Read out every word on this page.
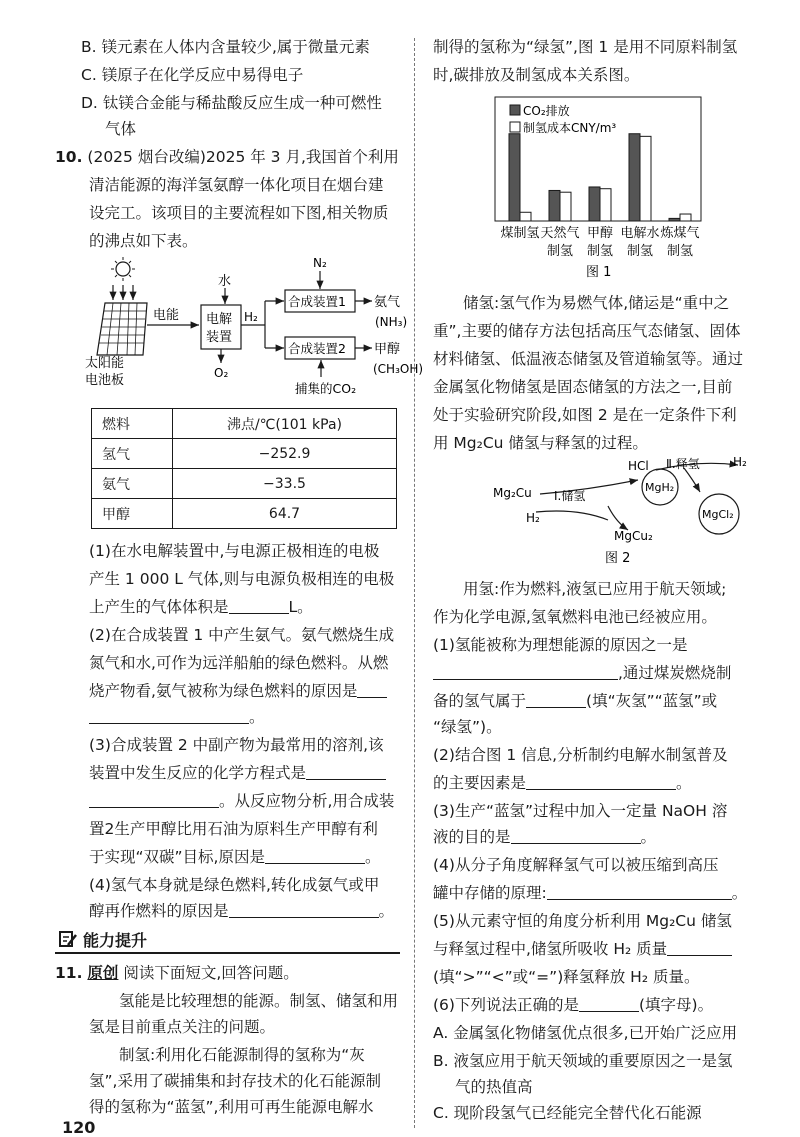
B. 镁元素在人体内含量较少,属于微量元素
C. 镁原子在化学反应中易得电子
D. 钛镁合金能与稀盐酸反应生成一种可燃性
气体
10. (2025 烟台改编)2025 年 3 月,我国首个利用
清洁能源的海洋氢氨醇一体化项目在烟台建
设完工。该项目的主要流程如下图,相关物质
的沸点如下表。
太阳能
电池板
电能
水
电解
装置
O₂
H₂
N₂
合成装置1 氨气
(NH₃)
合成装置2 甲醇
(CH₃OH)
捕集的CO₂
燃料	沸点/℃(101 kPa)
氢气	−252.9
氨气	−33.5
甲醇	64.7
(1)在水电解装置中,与电源正极相连的电极
产生 1 000 L 气体,则与电源负极相连的电极
上产生的气体体积是	L。
(2)在合成装置 1 中产生氨气。氨气燃烧生成
氮气和水,可作为远洋船舶的绿色燃料。从燃
烧产物看,氨气被称为绿色燃料的原因是
。
(3)合成装置 2 中副产物为最常用的溶剂,该
装置中发生反应的化学方程式是
。从反应物分析,用合成装
置2生产甲醇比用石油为原料生产甲醇有利
于实现“双碳”目标,原因是	。
(4)氢气本身就是绿色燃料,转化成氨气或甲
醇再作燃料的原因是	。
能力提升
11. 原创 阅读下面短文,回答问题。
氢能是比较理想的能源。制氢、储氢和用
氢是目前重点关注的问题。
制氢:利用化石能源制得的氢称为“灰
氢”,采用了碳捕集和封存技术的化石能源制
得的氢称为“蓝氢”,利用可再生能源电解水
120
制得的氢称为“绿氢”,图 1 是用不同原料制氢
时,碳排放及制氢成本关系图。
CO₂排放
制氢成本CNY/m³
煤制氢 天然气
制氢
甲醇
制氢
电解水
制氢
炼煤气
制氢
图 1
储氢:氢气作为易燃气体,储运是“重中之
重”,主要的储存方法包括高压气态储氢、固体
材料储氢、低温液态储氢及管道输氢等。通过
金属氢化物储氢是固态储氢的方法之一,目前
处于实验研究阶段,如图 2 是在一定条件下利
用 Mg₂Cu 储氢与释氢的过程。
Mg₂Cu Ⅰ.储氢
H₂
MgCu₂
MgH₂
HCl Ⅱ.释氢	H₂
MgCl₂
图 2
用氢:作为燃料,液氢已应用于航天领域;
作为化学电源,氢氧燃料电池已经被应用。
(1)氢能被称为理想能源的原因之一是
,通过煤炭燃烧制
备的氢气属于	(填“灰氢”“蓝氢”或
“绿氢”)。
(2)结合图 1 信息,分析制约电解水制氢普及
的主要因素是	。
(3)生产“蓝氢”过程中加入一定量 NaOH 溶
液的目的是	。
(4)从分子角度解释氢气可以被压缩到高压
罐中存储的原理:	。
(5)从元素守恒的角度分析利用 Mg₂Cu 储氢
与释氢过程中,储氢所吸收 H₂ 质量
(填“>”“<”或“=”)释氢释放 H₂ 质量。
(6)下列说法正确的是	(填字母)。
A. 金属氢化物储氢优点很多,已开始广泛应用
B. 液氢应用于航天领域的重要原因之一是氢
气的热值高
C. 现阶段氢气已经能完全替代化石能源
